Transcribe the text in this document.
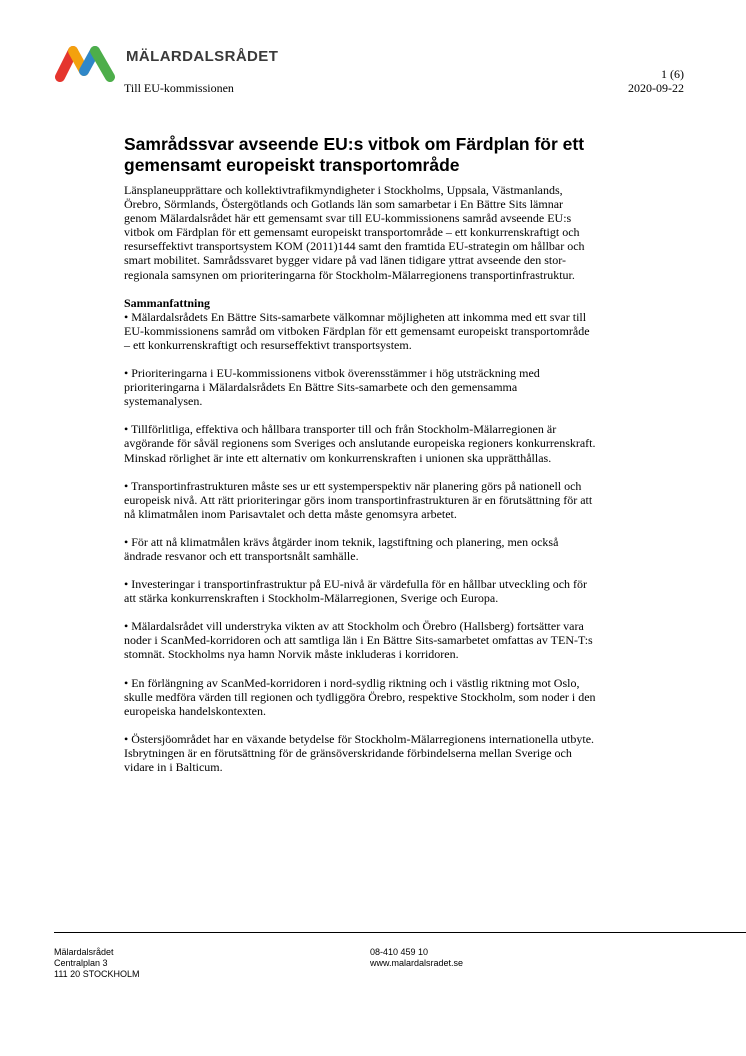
MÄLARDALSRÅDET
1 (6)
Till EU-kommissionen	2020-09-22
Samrådssvar avseende EU:s vitbok om Färdplan för ett
gemensamt europeiskt transportområde

Länsplaneupprättare och kollektivtrafikmyndigheter i Stockholms, Uppsala, Västmanlands,
Örebro, Sörmlands, Östergötlands och Gotlands län som samarbetar i En Bättre Sits lämnar
genom Mälardalsrådet här ett gemensamt svar till EU-kommissionens samråd avseende EU:s
vitbok om Färdplan för ett gemensamt europeiskt transportområde – ett konkurrenskraftigt och
resurseffektivt transportsystem KOM (2011)144 samt den framtida EU-strategin om hållbar och
smart mobilitet. Samrådssvaret bygger vidare på vad länen tidigare yttrat avseende den stor-
regionala samsynen om prioriteringarna för Stockholm-Mälarregionens transportinfrastruktur.

Sammanfattning

• Mälardalsrådets En Bättre Sits-samarbete välkomnar möjligheten att inkomma med ett svar till
EU-kommissionens samråd om vitboken Färdplan för ett gemensamt europeiskt transportområde
– ett konkurrenskraftigt och resurseffektivt transportsystem.

• Prioriteringarna i EU-kommissionens vitbok överensstämmer i hög utsträckning med
prioriteringarna i Mälardalsrådets En Bättre Sits-samarbete och den gemensamma
systemanalysen.

• Tillförlitliga, effektiva och hållbara transporter till och från Stockholm-Mälarregionen är
avgörande för såväl regionens som Sveriges och anslutande europeiska regioners konkurrenskraft.
Minskad rörlighet är inte ett alternativ om konkurrenskraften i unionen ska upprätthållas.

• Transportinfrastrukturen måste ses ur ett systemperspektiv när planering görs på nationell och
europeisk nivå. Att rätt prioriteringar görs inom transportinfrastrukturen är en förutsättning för att
nå klimatmålen inom Parisavtalet och detta måste genomsyra arbetet.

• För att nå klimatmålen krävs åtgärder inom teknik, lagstiftning och planering, men också
ändrade resvanor och ett transportsnålt samhälle.

• Investeringar i transportinfrastruktur på EU-nivå är värdefulla för en hållbar utveckling och för
att stärka konkurrenskraften i Stockholm-Mälarregionen, Sverige och Europa.

• Mälardalsrådet vill understryka vikten av att Stockholm och Örebro (Hallsberg) fortsätter vara
noder i ScanMed-korridoren och att samtliga län i En Bättre Sits-samarbetet omfattas av TEN-T:s
stomnät. Stockholms nya hamn Norvik måste inkluderas i korridoren.

• En förlängning av ScanMed-korridoren i nord-sydlig riktning och i västlig riktning mot Oslo,
skulle medföra värden till regionen och tydliggöra Örebro, respektive Stockholm, som noder i den
europeiska handelskontexten.

• Östersjöområdet har en växande betydelse för Stockholm-Mälarregionens internationella utbyte.
Isbrytningen är en förutsättning för de gränsöverskridande förbindelserna mellan Sverige och
vidare in i Balticum.

Mälardalsrådet
Centralplan 3
111 20 STOCKHOLM
08-410 459 10
www.malardalsradet.se
